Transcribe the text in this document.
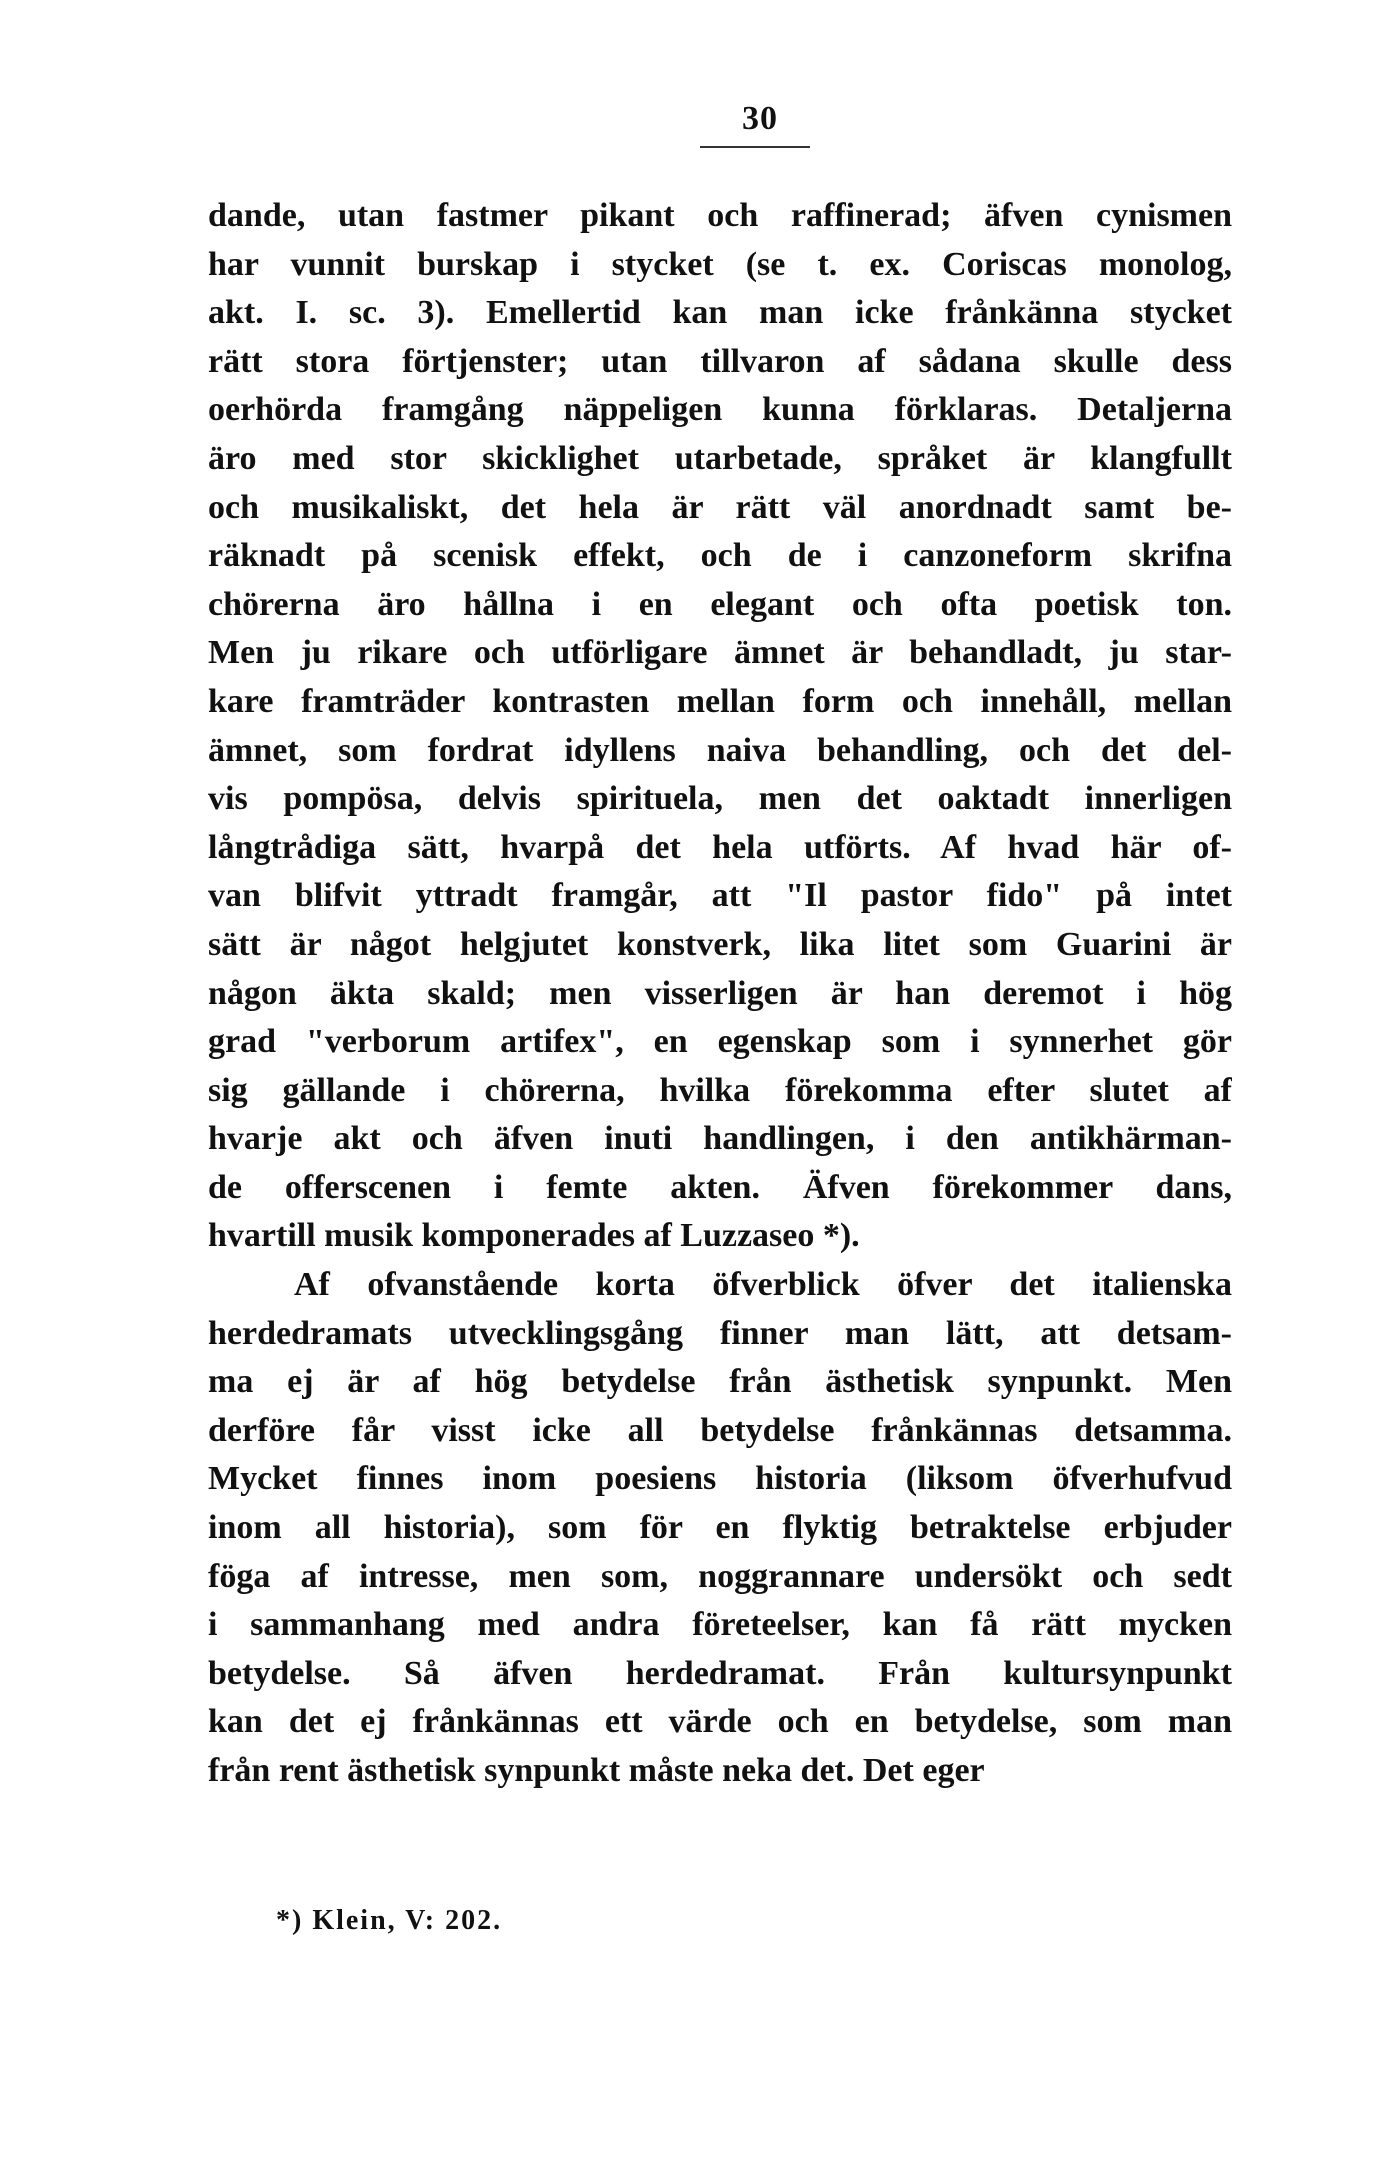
30
dande, utan fastmer pikant och raffinerad; äfven cynismen
har vunnit burskap i stycket (se t. ex. Coriscas monolog,
akt. I. sc. 3). Emellertid kan man icke frånkänna stycket
rätt stora förtjenster; utan tillvaron af sådana skulle dess
oerhörda framgång näppeligen kunna förklaras. Detaljerna
äro med stor skicklighet utarbetade, språket är klangfullt
och musikaliskt, det hela är rätt väl anordnadt samt be-
räknadt på scenisk effekt, och de i canzoneform skrifna
chörerna äro hållna i en elegant och ofta poetisk ton.
Men ju rikare och utförligare ämnet är behandladt, ju star-
kare framträder kontrasten mellan form och innehåll, mellan
ämnet, som fordrat idyllens naiva behandling, och det del-
vis pompösa, delvis spirituela, men det oaktadt innerligen
långtrådiga sätt, hvarpå det hela utförts. Af hvad här of-
van blifvit yttradt framgår, att "Il pastor fido" på intet
sätt är något helgjutet konstverk, lika litet som Guarini är
någon äkta skald; men visserligen är han deremot i hög
grad "verborum artifex", en egenskap som i synnerhet gör
sig gällande i chörerna, hvilka förekomma efter slutet af
hvarje akt och äfven inuti handlingen, i den antikhärman-
de offerscenen i femte akten. Äfven förekommer dans,
hvartill musik komponerades af Luzzaseo *).
Af ofvanstående korta öfverblick öfver det italienska
herdedramats utvecklingsgång finner man lätt, att detsam-
ma ej är af hög betydelse från ästhetisk synpunkt. Men
derföre får visst icke all betydelse frånkännas detsamma.
Mycket finnes inom poesiens historia (liksom öfverhufvud
inom all historia), som för en flyktig betraktelse erbjuder
föga af intresse, men som, noggrannare undersökt och sedt
i sammanhang med andra företeelser, kan få rätt mycken
betydelse. Så äfven herdedramat. Från kultursynpunkt
kan det ej frånkännas ett värde och en betydelse, som man
från rent ästhetisk synpunkt måste neka det. Det eger
*) Klein, V: 202.
